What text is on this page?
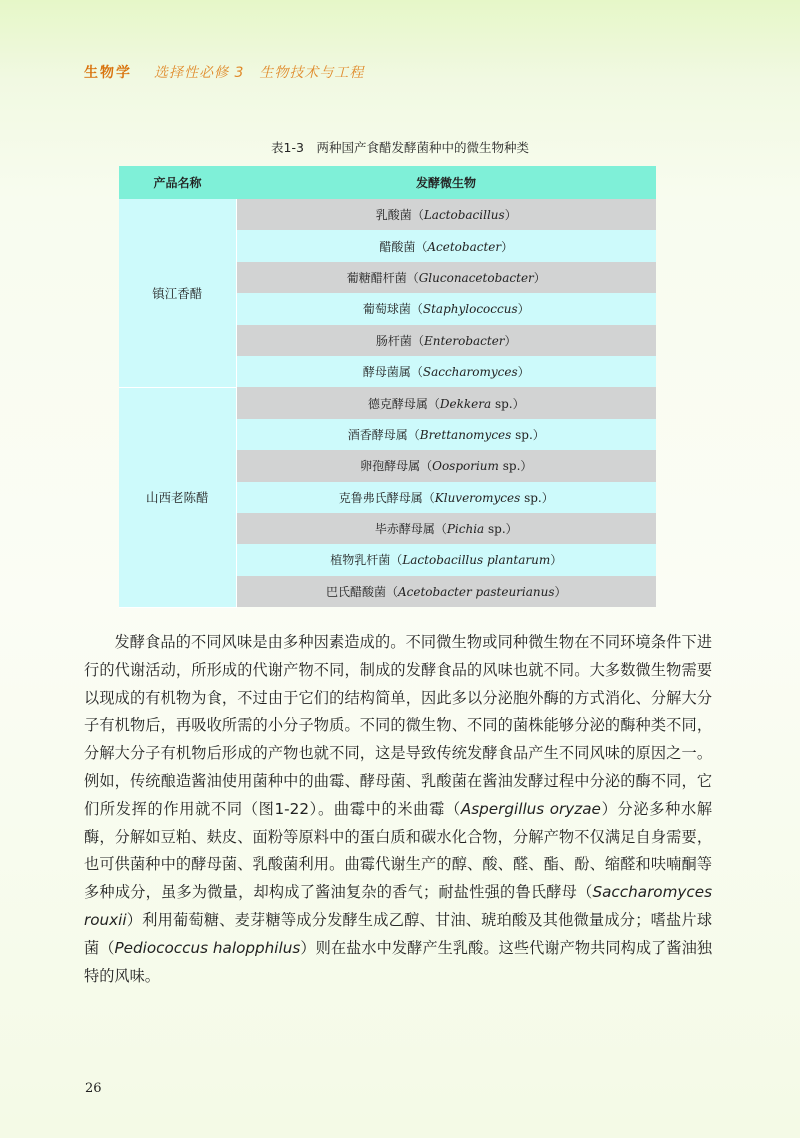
生物学 选择性必修 3　生物技术与工程
表1-3　两种国产食醋发酵菌种中的微生物种类
产品名称	发酵微生物
镇江香醋	乳酸菌（Lactobacillus）
	醋酸菌（Acetobacter）
	葡糖醋杆菌（Gluconacetobacter）
	葡萄球菌（Staphylococcus）
	肠杆菌（Enterobacter）
	酵母菌属（Saccharomyces）
山西老陈醋	德克酵母属（Dekkera sp.）
	酒香酵母属（Brettanomyces sp.）
	卵孢酵母属（Oosporium sp.）
	克鲁弗氏酵母属（Kluveromyces sp.）
	毕赤酵母属（Pichia sp.）
	植物乳杆菌（Lactobacillus plantarum）
	巴氏醋酸菌（Acetobacter pasteurianus）

发酵食品的不同风味是由多种因素造成的。不同微生物或同种微生物在不同环境条件下进行的代谢活动，所形成的代谢产物不同，制成的发酵食品的风味也就不同。大多数微生物需要以现成的有机物为食，不过由于它们的结构简单，因此多以分泌胞外酶的方式消化、分解大分子有机物后，再吸收所需的小分子物质。不同的微生物、不同的菌株能够分泌的酶种类不同，分解大分子有机物后形成的产物也就不同，这是导致传统发酵食品产生不同风味的原因之一。例如，传统酿造酱油使用菌种中的曲霉、酵母菌、乳酸菌在酱油发酵过程中分泌的酶不同，它们所发挥的作用就不同（图1-22）。曲霉中的米曲霉（Aspergillus oryzae）分泌多种水解酶，分解如豆粕、麸皮、面粉等原料中的蛋白质和碳水化合物，分解产物不仅满足自身需要，也可供菌种中的酵母菌、乳酸菌利用。曲霉代谢生产的醇、酸、醛、酯、酚、缩醛和呋喃酮等多种成分，虽多为微量，却构成了酱油复杂的香气；耐盐性强的鲁氏酵母（Saccharomyces rouxii）利用葡萄糖、麦芽糖等成分发酵生成乙醇、甘油、琥珀酸及其他微量成分；嗜盐片球菌（Pediococcus halopphilus）则在盐水中发酵产生乳酸。这些代谢产物共同构成了酱油独特的风味。

26
